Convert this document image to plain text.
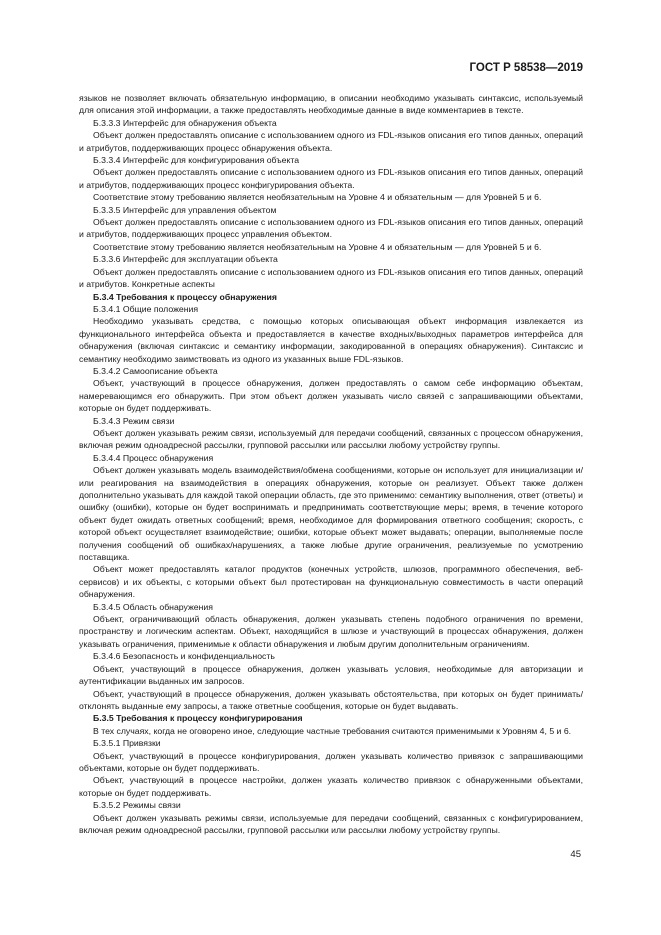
ГОСТ Р 58538—2019

языков не позволяет включать обязательную информацию, в описании необходимо указывать синтаксис, используемый для описания этой информации, а также предоставлять необходимые данные в виде комментариев в тексте.

Б.3.3.3 Интерфейс для обнаружения объекта

Объект должен предоставлять описание с использованием одного из FDL-языков описания его типов данных, операций и атрибутов, поддерживающих процесс обнаружения объекта.

Б.3.3.4 Интерфейс для конфигурирования объекта

Объект должен предоставлять описание с использованием одного из FDL-языков описания его типов данных, операций и атрибутов, поддерживающих процесс конфигурирования объекта.

Соответствие этому требованию является необязательным на Уровне 4 и обязательным — для Уровней 5 и 6.

Б.3.3.5 Интерфейс для управления объектом

Объект должен предоставлять описание с использованием одного из FDL-языков описания его типов данных, операций и атрибутов, поддерживающих процесс управления объектом.

Соответствие этому требованию является необязательным на Уровне 4 и обязательным — для Уровней 5 и 6.

Б.3.3.6 Интерфейс для эксплуатации объекта

Объект должен предоставлять описание с использованием одного из FDL-языков описания его типов данных, операций и атрибутов. Конкретные аспекты

Б.3.4 Требования к процессу обнаружения

Б.3.4.1 Общие положения

Необходимо указывать средства, с помощью которых описывающая объект информация извлекается из функционального интерфейса объекта и предоставляется в качестве входных/выходных параметров интерфейса для обнаружения (включая синтаксис и семантику информации, закодированной в операциях обнаружения). Синтаксис и семантику необходимо заимствовать из одного из указанных выше FDL-языков.

Б.3.4.2 Самоописание объекта

Объект, участвующий в процессе обнаружения, должен предоставлять о самом себе информацию объектам, намеревающимся его обнаружить. При этом объект должен указывать число связей с запрашивающими объектами, которые он будет поддерживать.

Б.3.4.3 Режим связи

Объект должен указывать режим связи, используемый для передачи сообщений, связанных с процессом обнаружения, включая режим одноадресной рассылки, групповой рассылки или рассылки любому устройству группы.

Б.3.4.4 Процесс обнаружения

Объект должен указывать модель взаимодействия/обмена сообщениями, которые он использует для инициализации и/или реагирования на взаимодействия в операциях обнаружения, которые он реализует. Объект также должен дополнительно указывать для каждой такой операции область, где это применимо: семантику выполнения, ответ (ответы) и ошибку (ошибки), которые он будет воспринимать и предпринимать соответствующие меры; время, в течение которого объект будет ожидать ответных сообщений; время, необходимое для формирования ответного сообщения; скорость, с которой объект осуществляет взаимодействие; ошибки, которые объект может выдавать; операции, выполняемые после получения сообщений об ошибках/нарушениях, а также любые другие ограничения, реализуемые по усмотрению поставщика.

Объект может предоставлять каталог продуктов (конечных устройств, шлюзов, программного обеспечения, веб-сервисов) и их объекты, с которыми объект был протестирован на функциональную совместимость в части операций обнаружения.

Б.3.4.5 Область обнаружения

Объект, ограничивающий область обнаружения, должен указывать степень подобного ограничения по времени, пространству и логическим аспектам. Объект, находящийся в шлюзе и участвующий в процессах обнаружения, должен указывать ограничения, применимые к области обнаружения и любым другим дополнительным ограничениям.

Б.3.4.6 Безопасность и конфиденциальность

Объект, участвующий в процессе обнаружения, должен указывать условия, необходимые для авторизации и аутентификации выданных им запросов.

Объект, участвующий в процессе обнаружения, должен указывать обстоятельства, при которых он будет принимать/отклонять выданные ему запросы, а также ответные сообщения, которые он будет выдавать.

Б.3.5 Требования к процессу конфигурирования

В тех случаях, когда не оговорено иное, следующие частные требования считаются применимыми к Уровням 4, 5 и 6.

Б.3.5.1 Привязки

Объект, участвующий в процессе конфигурирования, должен указывать количество привязок с запрашивающими объектами, которые он будет поддерживать.

Объект, участвующий в процессе настройки, должен указать количество привязок с обнаруженными объектами, которые он будет поддерживать.

Б.3.5.2 Режимы связи

Объект должен указывать режимы связи, используемые для передачи сообщений, связанных с конфигурированием, включая режим одноадресной рассылки, групповой рассылки или рассылки любому устройству группы.

45
